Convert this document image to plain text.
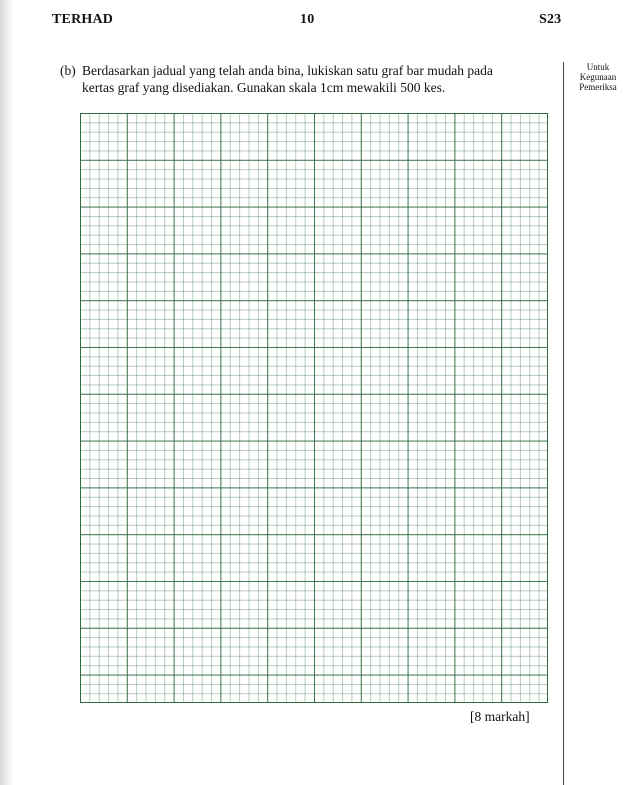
TERHAD	10	S23
(b) Berdasarkan jadual yang telah anda bina, lukiskan satu graf bar mudah pada
kertas graf yang disediakan. Gunakan skala 1cm mewakili 500 kes.
Untuk
Kegunaan
Pemeriksa
[8 markah]
